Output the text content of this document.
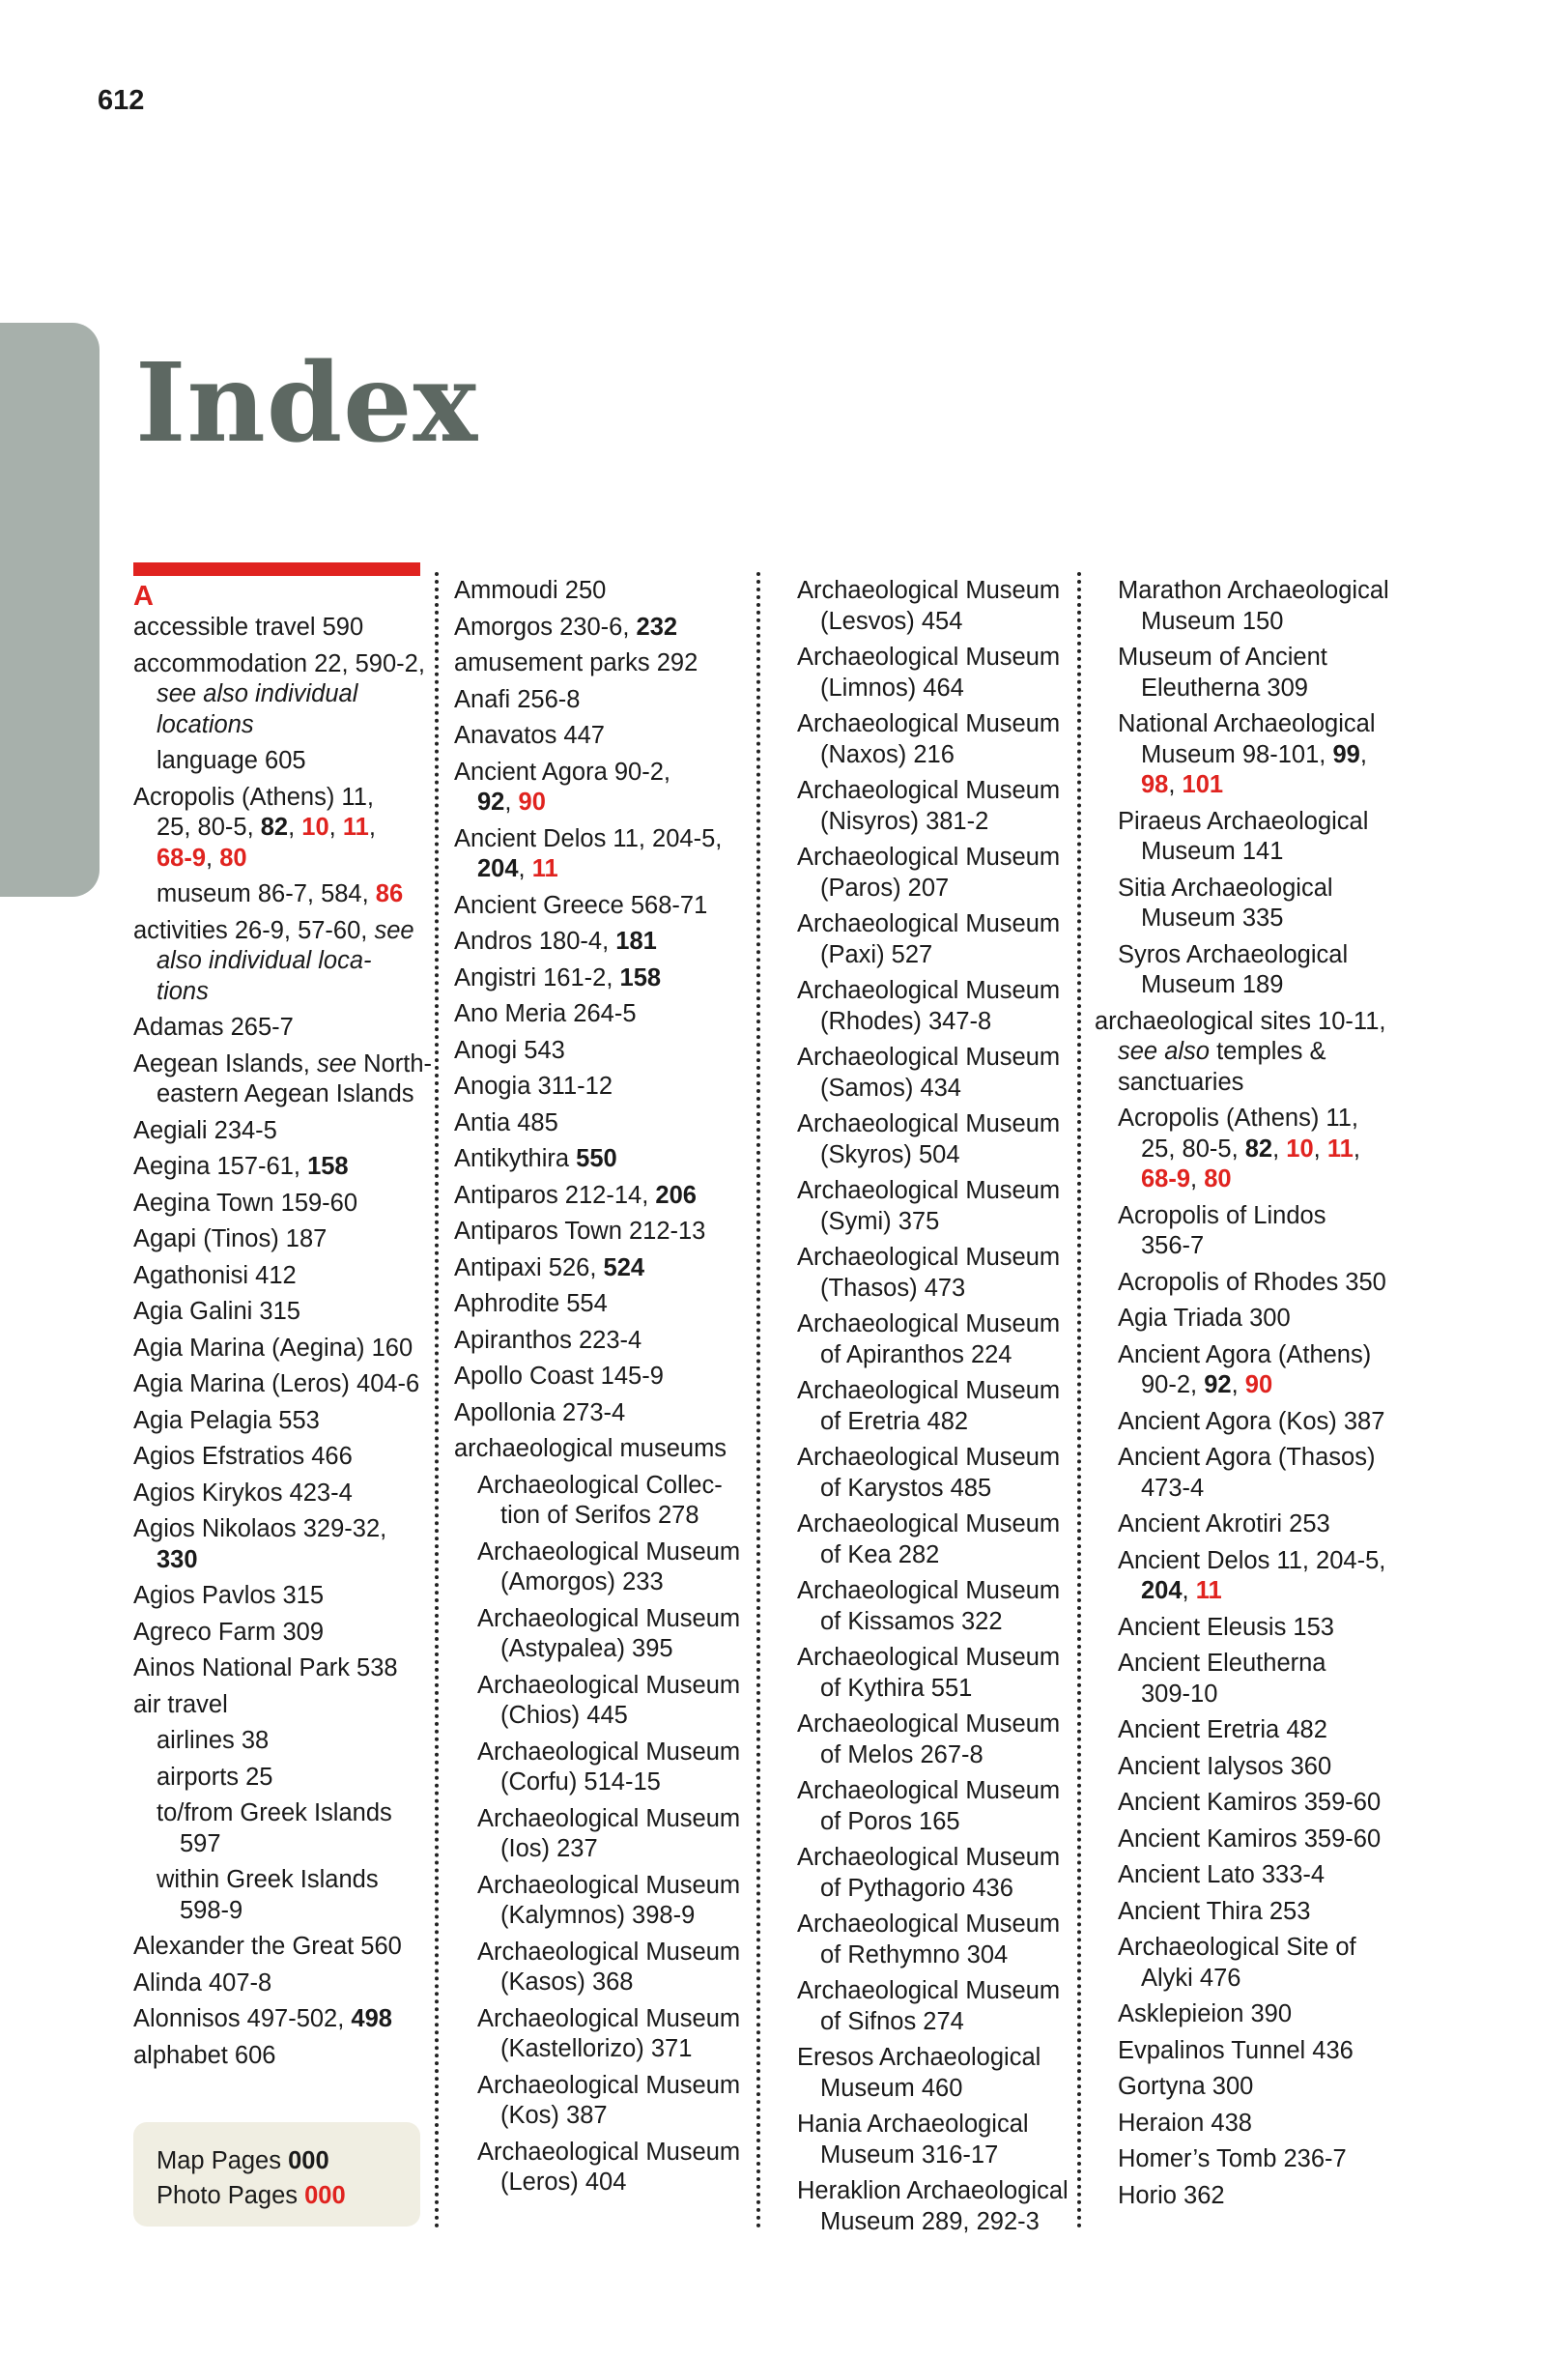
612
Index
A
accessible travel 590
accommodation 22, 590-2,
see also individual
locations
language 605
Acropolis (Athens) 11,
25, 80-5, 82, 10, 11,
68-9, 80
museum 86-7, 584, 86
activities 26-9, 57-60, see
also individual loca-
tions
Adamas 265-7
Aegean Islands, see North-
eastern Aegean Islands
Aegiali 234-5
Aegina 157-61, 158
Aegina Town 159-60
Agapi (Tinos) 187
Agathonisi 412
Agia Galini 315
Agia Marina (Aegina) 160
Agia Marina (Leros) 404-6
Agia Pelagia 553
Agios Efstratios 466
Agios Kirykos 423-4
Agios Nikolaos 329-32,
330
Agios Pavlos 315
Agreco Farm 309
Ainos National Park 538
air travel
airlines 38
airports 25
to/from Greek Islands
597
within Greek Islands
598-9
Alexander the Great 560
Alinda 407-8
Alonnisos 497-502, 498
alphabet 606
Ammoudi 250
Amorgos 230-6, 232
amusement parks 292
Anafi 256-8
Anavatos 447
Ancient Agora 90-2,
92, 90
Ancient Delos 11, 204-5,
204, 11
Ancient Greece 568-71
Andros 180-4, 181
Angistri 161-2, 158
Ano Meria 264-5
Anogi 543
Anogia 311-12
Antia 485
Antikythira 550
Antiparos 212-14, 206
Antiparos Town 212-13
Antipaxi 526, 524
Aphrodite 554
Apiranthos 223-4
Apollo Coast 145-9
Apollonia 273-4
archaeological museums
Archaeological Collec-
tion of Serifos 278
Archaeological Museum
(Amorgos) 233
Archaeological Museum
(Astypalea) 395
Archaeological Museum
(Chios) 445
Archaeological Museum
(Corfu) 514-15
Archaeological Museum
(Ios) 237
Archaeological Museum
(Kalymnos) 398-9
Archaeological Museum
(Kasos) 368
Archaeological Museum
(Kastellorizo) 371
Archaeological Museum
(Kos) 387
Archaeological Museum
(Leros) 404
Archaeological Museum
(Lesvos) 454
Archaeological Museum
(Limnos) 464
Archaeological Museum
(Naxos) 216
Archaeological Museum
(Nisyros) 381-2
Archaeological Museum
(Paros) 207
Archaeological Museum
(Paxi) 527
Archaeological Museum
(Rhodes) 347-8
Archaeological Museum
(Samos) 434
Archaeological Museum
(Skyros) 504
Archaeological Museum
(Symi) 375
Archaeological Museum
(Thasos) 473
Archaeological Museum
of Apiranthos 224
Archaeological Museum
of Eretria 482
Archaeological Museum
of Karystos 485
Archaeological Museum
of Kea 282
Archaeological Museum
of Kissamos 322
Archaeological Museum
of Kythira 551
Archaeological Museum
of Melos 267-8
Archaeological Museum
of Poros 165
Archaeological Museum
of Pythagorio 436
Archaeological Museum
of Rethymno 304
Archaeological Museum
of Sifnos 274
Eresos Archaeological
Museum 460
Hania Archaeological
Museum 316-17
Heraklion Archaeological
Museum 289, 292-3
Marathon Archaeological
Museum 150
Museum of Ancient
Eleutherna 309
National Archaeological
Museum 98-101, 99,
98, 101
Piraeus Archaeological
Museum 141
Sitia Archaeological
Museum 335
Syros Archaeological
Museum 189
archaeological sites 10-11,
see also temples &
sanctuaries
Acropolis (Athens) 11,
25, 80-5, 82, 10, 11,
68-9, 80
Acropolis of Lindos
356-7
Acropolis of Rhodes 350
Agia Triada 300
Ancient Agora (Athens)
90-2, 92, 90
Ancient Agora (Kos) 387
Ancient Agora (Thasos)
473-4
Ancient Akrotiri 253
Ancient Delos 11, 204-5,
204, 11
Ancient Eleusis 153
Ancient Eleutherna
309-10
Ancient Eretria 482
Ancient Ialysos 360
Ancient Kamiros 359-60
Ancient Kamiros 359-60
Ancient Lato 333-4
Ancient Thira 253
Archaeological Site of
Alyki 476
Asklepieion 390
Evpalinos Tunnel 436
Gortyna 300
Heraion 438
Homer’s Tomb 236-7
Horio 362
Map Pages 000
Photo Pages 000
